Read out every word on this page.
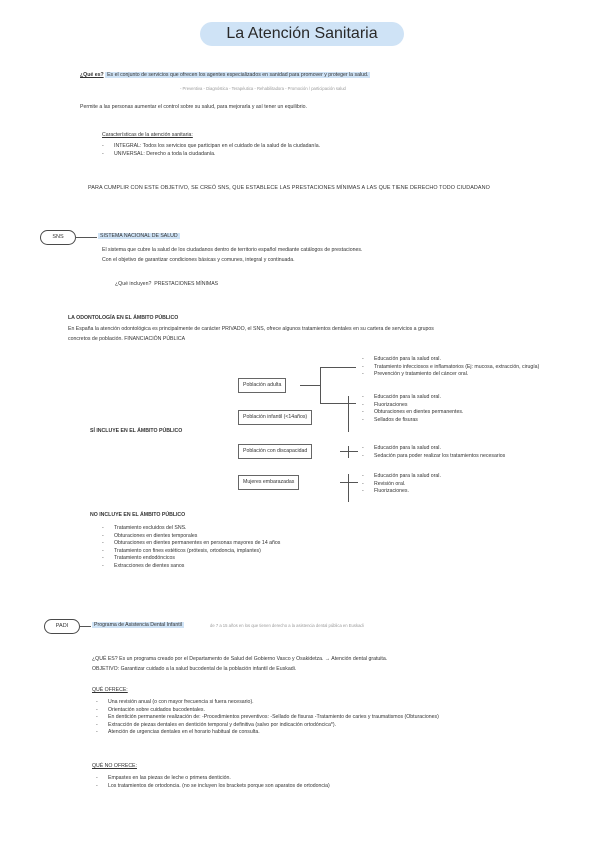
La Atención Sanitaria
¿Qué es? Es el conjunto de servicios que ofrecen los agentes especializados en sanidad para promover y proteger la salud.
- Preventiva - Diagnóstica - Terapéutica - Rehabilitadora - Promoción / participación salud
Permite a las personas aumentar el control sobre su salud, para mejorarla y así tener un equilibrio.
Características de la atención sanitaria:
- INTEGRAL: Todos los servicios que participan en el cuidado de la salud de la ciudadanía.
- UNIVERSAL: Derecho a toda la ciudadanía.
PARA CUMPLIR CON ESTE OBJETIVO, SE CREÓ SNS, QUE ESTABLECE LAS PRESTACIONES MÍNIMAS A LAS QUE TIENE DERECHO TODO CIUDADANO
SNS	SISTEMA NACIONAL DE SALUD
El sistema que cubre la salud de los ciudadanos dentro de territorio español mediante catálogos de prestaciones.
Con el objetivo de garantizar condiciones básicas y comunes, integral y continuada.
¿Qué incluyen? PRESTACIONES MÍNIMAS
LA ODONTOLOGÍA EN EL ÁMBITO PÚBLICO
En España la atención odontológica es principalmente de carácter PRIVADO, el SNS, ofrece algunos tratamientos dentales en su cartera de servicios a grupos
concretos de población. FINANCIACIÓN PÚBLICA
SÍ INCLUYE EN EL ÁMBITO PÚBLICO
Población adulta
Población infantil (<14años)
Población con discapacidad
Mujeres embarazadas
- Educación para la salud oral.
- Tratamiento infecciosos e inflamatorios (Ej: mucosa, extracción, cirugía)
- Prevención y tratamiento del cáncer oral.
- Educación para la salud oral.
- Fluorizaciones
- Obturaciones en dientes permanentes.
- Sellados de fisuras
- Educación para la salud oral.
- Sedación para poder realizar los tratamientos necesarios
- Educación para la salud oral.
- Revisión oral.
- Fluorizaciones.
NO INCLUYE EN EL ÁMBITO PÚBLICO
- Tratamiento excluidos del SNS.
- Obturaciones en dientes temporales
- Obturaciones en dientes permanentes en personas mayores de 14 años
- Tratamiento con fines estéticos (prótesis, ortodoncia, implantes)
- Tratamiento endodóncicos
- Extracciones de dientes sanos
PADI	Programa de Asistencia Dental Infantil	de 7 a 15 años en los que tienen derecho a la asistencia dental pública en Euskadi
¿QUÉ ES? Es un programa creado por el Departamento de Salud del Gobierno Vasco y Osakidetza. → Atención dental gratuita.
OBJETIVO: Garantizar cuidado a la salud bucodental de la población infantil de Euskadi.
QUÉ OFRECE:
- Una revisión anual (o con mayor frecuencia si fuera necesario).
- Orientación sobre cuidados bucodentales.
- En dentición permanente realización de: -Procedimientos preventivos: -Sellado de fisuras -Tratamiento de caries y traumatismos (Obturaciones)
- Extracción de piezas dentales en dentición temporal y definitiva (salvo por indicación ortodóncica*).
- Atención de urgencias dentales en el horario habitual de consulta.
QUÉ NO OFRECE:
- Empastes en las piezas de leche o primera dentición.
- Los tratamientos de ortodoncia. (no se incluyen los brackets porque son aparatos de ortodoncia)
